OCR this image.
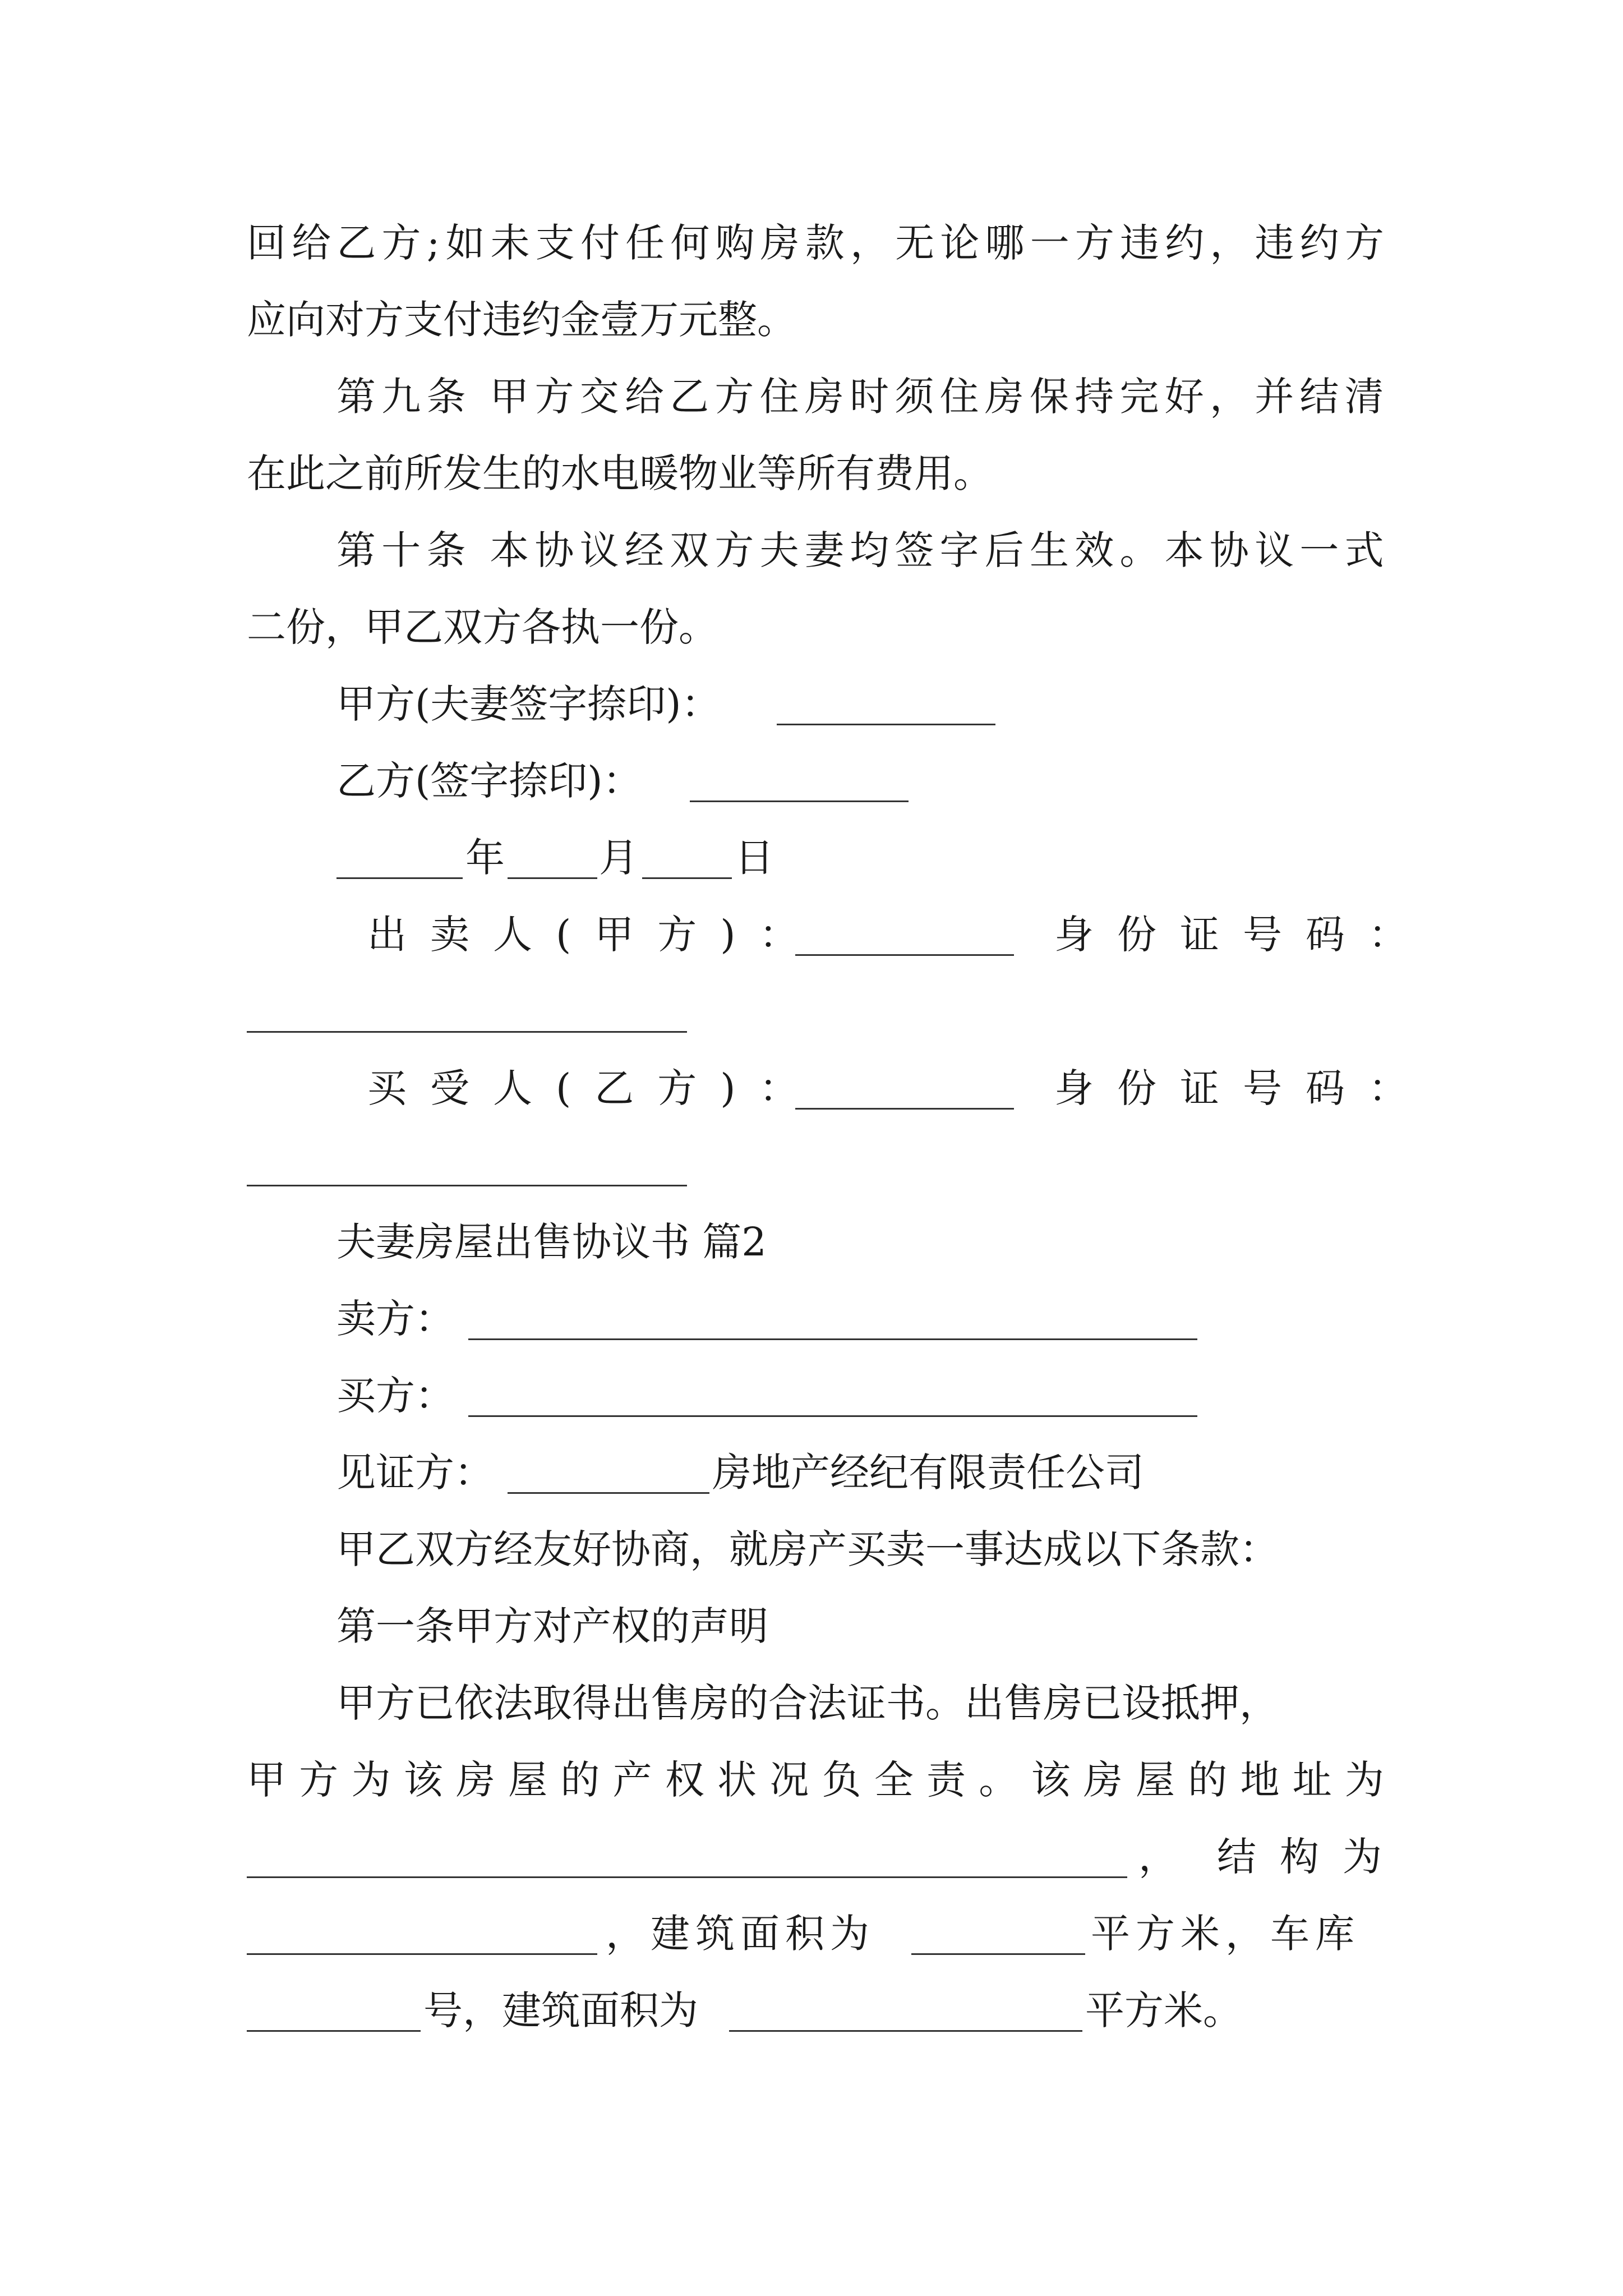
回 给 乙 方 ; 如 未 支 付 任 何 购 房 款 ， 无 论 哪 一 方 违 约 ， 违 约 方
应向对方支付违约金壹万元整。
第 九 条
甲 方 交 给 乙 方 住 房 时 须 住 房 保 持 完 好 ， 并 结 清
在此之前所发生的水电暖物业等所有费用。
第 十 条
本 协 议 经 双 方 夫 妻 均 签 字 后 生 效 。 本 协 议 一 式
二份，甲乙双方各执一份。
甲方(夫妻签字捺印)：
乙方(签字捺印)：
年 月 日
出卖人(甲方)：	身份证号码：
买受人(乙方)：	身份证号码：
夫妻房屋出售协议书 篇2
卖方：
买方：
见证方：	房地产经纪有限责任公司
甲乙双方经友好协商，就房产买卖一事达成以下条款：
第一条甲方对产权的声明
甲方已依法取得出售房的合法证书。出售房已设抵押，
甲 方 为 该 房 屋 的 产 权 状 况 负 全 责 。 该 房 屋 的 地 址 为
， 结构为
，建筑面积为	平方米，车库
号，建筑面积为	平方米。
